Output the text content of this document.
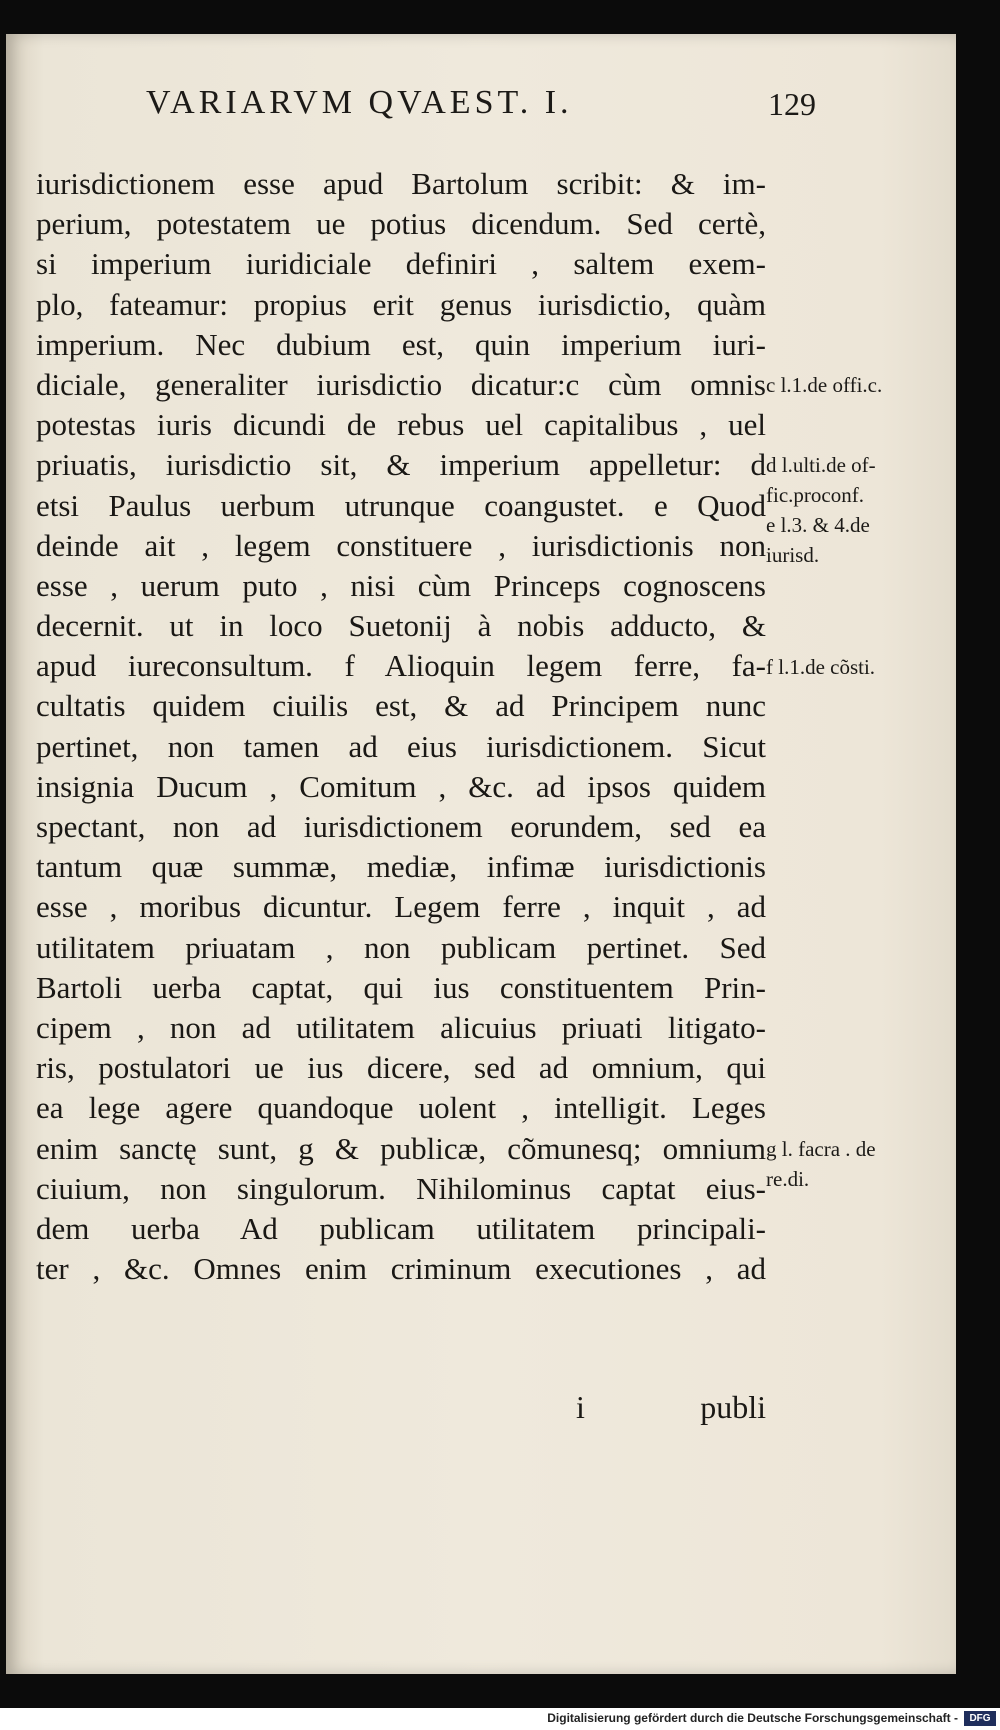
VARIARVM QVAEST. I.	129
iurisdictionem esse apud Bartolum scribit: & im-
perium, potestatem ue potius dicendum. Sed certè,
si imperium iuridiciale definiri , saltem exem-
plo, fateamur: propius erit genus iurisdictio, quàm
imperium. Nec dubium est, quin imperium iuri-
diciale, generaliter iurisdictio dicatur:c cùm omnis
potestas iuris dicundi de rebus uel capitalibus , uel
priuatis, iurisdictio sit, & imperium appelletur: d
etsi Paulus uerbum utrunque coangustet. e Quod
deinde ait , legem constituere , iurisdictionis non
esse , uerum puto , nisi cùm Princeps cognoscens
decernit. ut in loco Suetonij à nobis adducto, &
apud iureconsultum. f Alioquin legem ferre, fa-
cultatis quidem ciuilis est, & ad Principem nunc
pertinet, non tamen ad eius iurisdictionem. Sicut
insignia Ducum , Comitum , &c. ad ipsos quidem
spectant, non ad iurisdictionem eorundem, sed ea
tantum quæ summæ, mediæ, infimæ iurisdictionis
esse , moribus dicuntur. Legem ferre , inquit , ad
utilitatem priuatam , non publicam pertinet. Sed
Bartoli uerba captat, qui ius constituentem Prin-
cipem , non ad utilitatem alicuius priuati litigato-
ris, postulatori ue ius dicere, sed ad omnium, qui
ea lege agere quandoque uolent , intelligit. Leges
enim sanctę sunt, g & publicæ, cõmunesq; omnium
ciuium, non singulorum. Nihilominus captat eius-
dem uerba Ad publicam utilitatem principali-
ter , &c. Omnes enim criminum executiones , ad
i	publi
c l.1.de offi.c.
d l.ulti.de of-
fic.proconf.
e l.3. & 4.de
iurisd.
f l.1.de cõsti.
g l. facra . de
re.di.
Digitalisierung gefördert durch die Deutsche Forschungsgemeinschaft -	DFG
